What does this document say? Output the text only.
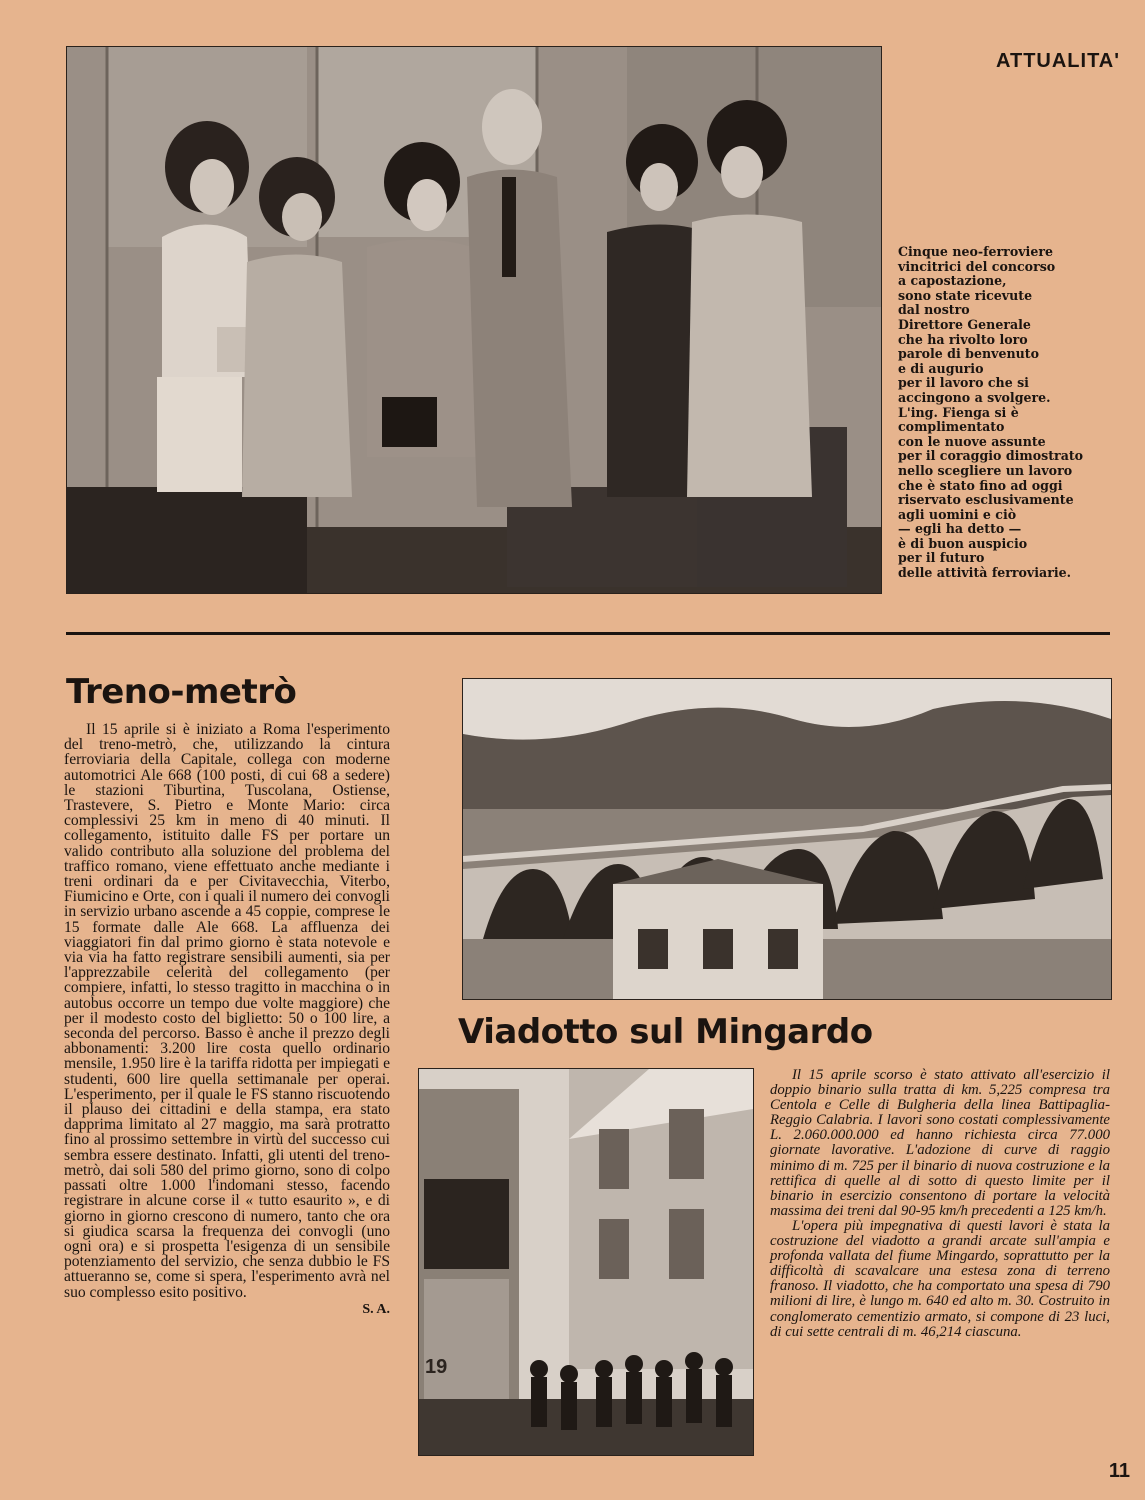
ATTUALITA'
Cinque neo-ferroviere
vincitrici del concorso
a capostazione,
sono state ricevute
dal nostro
Direttore Generale
che ha rivolto loro
parole di benvenuto
e di augurio
per il lavoro che si
accingono a svolgere.
L'ing. Fienga si è
complimentato
con le nuove assunte
per il coraggio dimostrato
nello scegliere un lavoro
che è stato fino ad oggi
riservato esclusivamente
agli uomini e ciò
— egli ha detto —
è di buon auspicio
per il futuro
delle attività ferroviarie.
Treno-metrò
Il 15 aprile si è iniziato a Roma l'esperimento del treno-metrò, che, utilizzando la cintura ferroviaria della Capitale, collega con moderne automotrici Ale 668 (100 posti, di cui 68 a sedere) le stazioni Tiburtina, Tuscolana, Ostiense, Trastevere, S. Pietro e Monte Mario: circa complessivi 25 km in meno di 40 minuti. Il collegamento, istituito dalle FS per portare un valido contributo alla soluzione del problema del traffico romano, viene effettuato anche mediante i treni ordinari da e per Civitavecchia, Viterbo, Fiumicino e Orte, con i quali il numero dei convogli in servizio urbano ascende a 45 coppie, comprese le 15 formate dalle Ale 668. La affluenza dei viaggiatori fin dal primo giorno è stata notevole e via via ha fatto registrare sensibili aumenti, sia per l'apprezzabile celerità del collegamento (per compiere, infatti, lo stesso tragitto in macchina o in autobus occorre un tempo due volte maggiore) che per il modesto costo del biglietto: 50 o 100 lire, a seconda del percorso. Basso è anche il prezzo degli abbonamenti: 3.200 lire costa quello ordinario mensile, 1.950 lire è la tariffa ridotta per impiegati e studenti, 600 lire quella settimanale per operai. L'esperimento, per il quale le FS stanno riscuotendo il plauso dei cittadini e della stampa, era stato dapprima limitato al 27 maggio, ma sarà protratto fino al prossimo settembre in virtù del successo cui sembra essere destinato. Infatti, gli utenti del treno-metrò, dai soli 580 del primo giorno, sono di colpo passati oltre 1.000 l'indomani stesso, facendo registrare in alcune corse il « tutto esaurito », e di giorno in giorno crescono di numero, tanto che ora si giudica scarsa la frequenza dei convogli (uno ogni ora) e si prospetta l'esigenza di un sensibile potenziamento del servizio, che senza dubbio le FS attueranno se, come si spera, l'esperimento avrà nel suo complesso esito positivo.
S. A.
Viadotto sul Mingardo
19

Il 15 aprile scorso è stato attivato all'esercizio il doppio binario sulla tratta di km. 5,225 compresa tra Centola e Celle di Bulgheria della linea Battipaglia-Reggio Calabria. I lavori sono costati complessivamente L. 2.060.000.000 ed hanno richiesta circa 77.000 giornate lavorative. L'adozione di curve di raggio minimo di m. 725 per il binario di nuova costruzione e la rettifica di quelle al di sotto di questo limite per il binario in esercizio consentono di portare la velocità massima dei treni dal 90-95 km/h precedenti a 125 km/h.

L'opera più impegnativa di questi lavori è stata la costruzione del viadotto a grandi arcate sull'ampia e profonda vallata del fiume Mingardo, soprattutto per la difficoltà di scavalcare una estesa zona di terreno franoso. Il viadotto, che ha comportato una spesa di 790 milioni di lire, è lungo m. 640 ed alto m. 30. Costruito in conglomerato cementizio armato, si compone di 23 luci, di cui sette centrali di m. 46,214 ciascuna.

11
